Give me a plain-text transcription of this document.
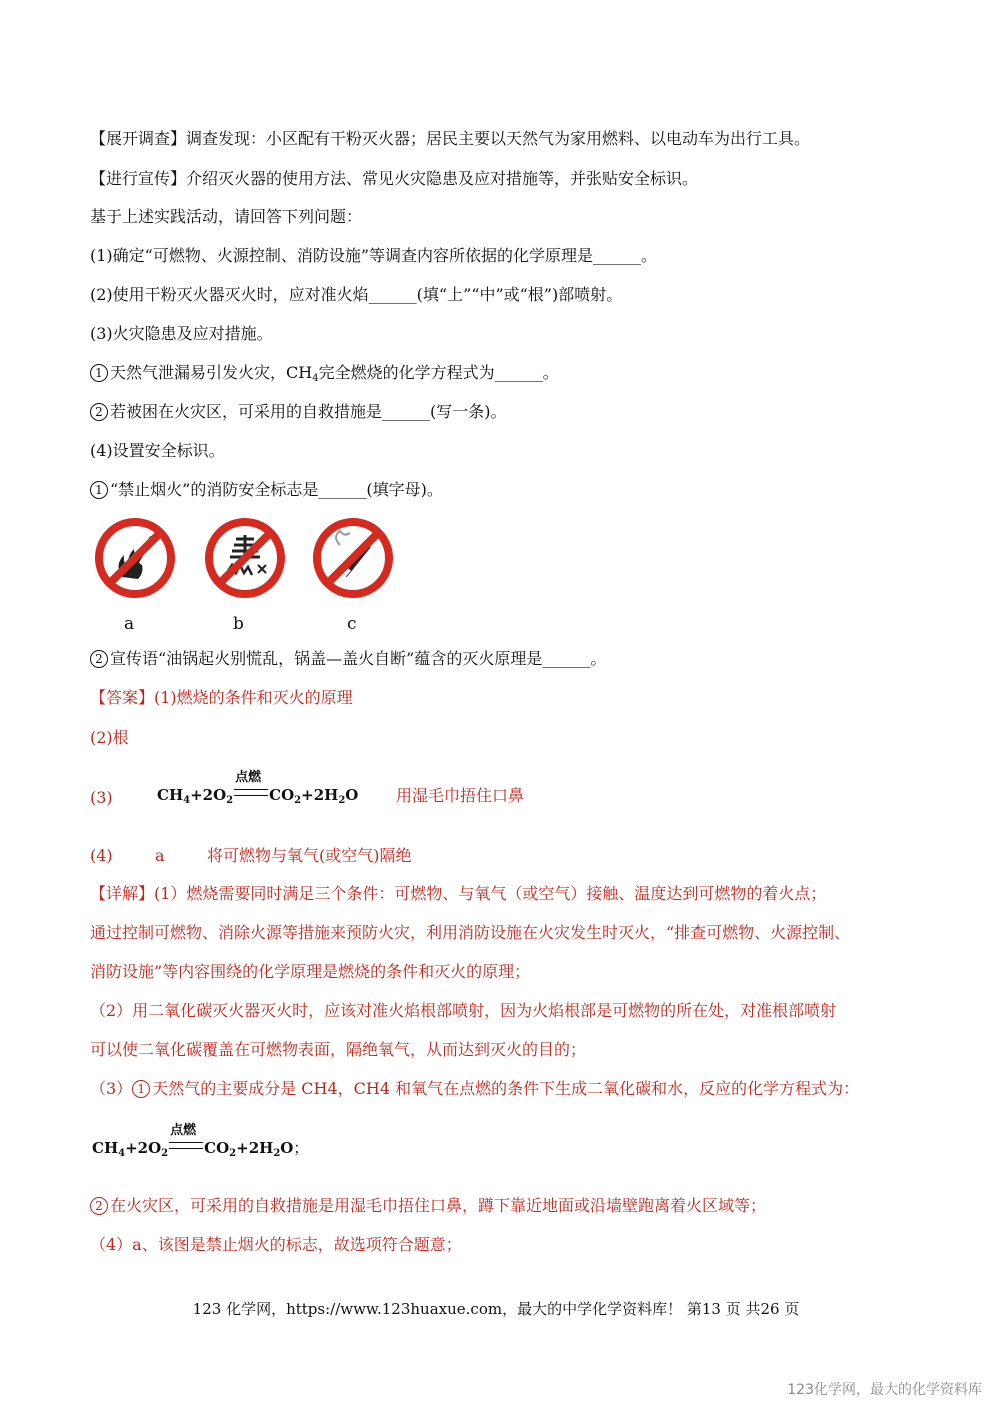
【展开调查】调查发现：小区配有干粉灭火器；居民主要以天然气为家用燃料、以电动车为出行工具。
【进行宣传】介绍灭火器的使用方法、常见火灾隐患及应对措施等，并张贴安全标识。
基于上述实践活动，请回答下列问题：
(1)确定“可燃物、火源控制、消防设施”等调查内容所依据的化学原理是______。
(2)使用干粉灭火器灭火时，应对准火焰______(填“上”“中”或“根”)部喷射。
(3)火灾隐患及应对措施。
1 天然气泄漏易引发火灾，$CH_4$完全燃烧的化学方程式为______。
2 若被困在火灾区，可采用的自救措施是______(写一条)。
(4)设置安全标识。
1 “禁止烟火”的消防安全标志是______(填字母)。
a	b	c
2 宣传语“油锅起火别慌乱，锅盖—盖火自断”蕴含的灭火原理是______。
【答案】(1)燃烧的条件和灭火的原理
(2)根
(3)	$CH_4+2O_2$
点燃
$CO_2+2H_2O$ 用湿毛巾捂住口鼻
(4)	a	将可燃物与氧气(或空气)隔绝
【详解】(1）燃烧需要同时满足三个条件：可燃物、与氧气（或空气）接触、温度达到可燃物的着火点；
通过控制可燃物、消除火源等措施来预防火灾，利用消防设施在火灾发生时灭火，“排查可燃物、火源控制、
消防设施”等内容围绕的化学原理是燃烧的条件和灭火的原理；
（2）用二氧化碳灭火器灭火时，应该对准火焰根部喷射，因为火焰根部是可燃物的所在处，对准根部喷射
可以使二氧化碳覆盖在可燃物表面，隔绝氧气，从而达到灭火的目的；
（3） 1 天然气的主要成分是 CH4，CH4 和氧气在点燃的条件下生成二氧化碳和水，反应的化学方程式为：
$CH_4+2O_2$
点燃
$CO_2+2H_2O$；
2 在火灾区，可采用的自救措施是用湿毛巾捂住口鼻，蹲下靠近地面或沿墙壁跑离着火区域等；
（4）a、该图是禁止烟火的标志，故选项符合题意；
123 化学网，https://www.123huaxue.com，最大的中学化学资料库！ 第13 页 共26 页
123化学网，最大的化学资料库
